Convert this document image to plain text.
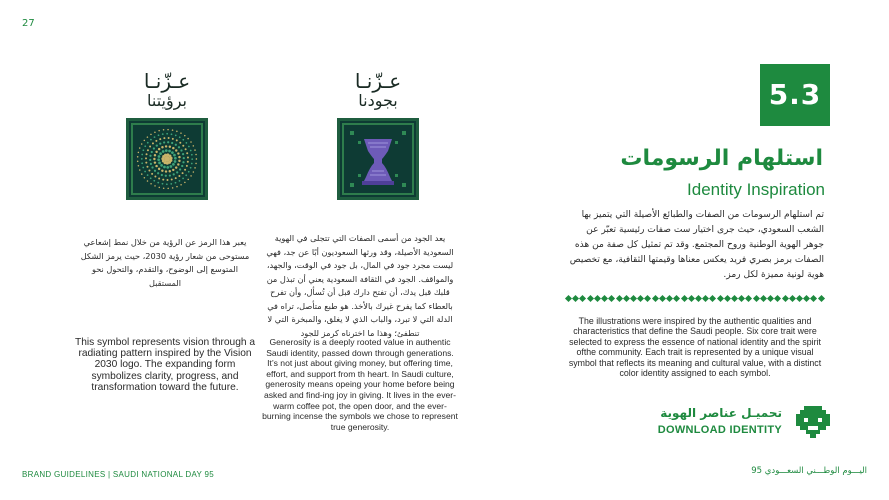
27
عـزّنـا
برؤيتنا
يعبر هذا الرمز عن الرؤية من خلال نمط إشعاعي مستوحى من شعار رؤية 2030، حيث يرمز الشكل المتوسع إلى الوضوح، والتقدم، والتحول نحو المستقبل
This symbol represents vision through a radiating pattern inspired by the Vision 2030 logo. The expanding form symbolizes clarity, progress, and transformation toward the future.
عـزّنـا
بجودنا
يعد الجود من أسمى الصفات التي تتجلى في الهوية السعودية الأصيلة، وقد ورثها السعوديون أبًا عن جد، فهي ليست مجرد جود في المال، بل جود في الوقت، والجهد، والمواقف. الجود في الثقافة السعودية يعني أن تبذل من قلبك قبل يدك، أن تفتح دارك قبل أن تُسأل، وأن تفرح بالعطاء كما يفرح غيرك بالأخذ. هو طبع متأصل، تراه في الدلة التي لا تبرد، والباب الذي لا يغلق، والمبخرة التي لا تنطفئ؛ وهذا ما اخترناه كرمز للجود
Generosity is a deeply rooted value in authentic Saudi identity, passed down through generations. It’s not just about giving money, but offering time, effort, and support from th heart. In Saudi culture, generosity means opeing your home before being asked and find-ing joy in giving. It lives in the ever-warm coffee pot, the open door, and the ever-burning incense the symbols we chose to represent true generosity.
5.3
استلهام الرسومات
Identity Inspiration
تم استلهام الرسومات من الصفات والطبائع الأصيلة التي يتميز بها الشعب السعودي، حيث جرى اختيار ست صفات رئيسية تعبّر عن جوهر الهوية الوطنية وروح المجتمع. وقد تم تمثيل كل صفة من هذه الصفات برمز بصري فريد يعكس معناها وقيمتها الثقافية، مع تخصيص هوية لونية مميزة لكل رمز.
The illustrations were inspired by the authentic qualities and characteristics that define the Saudi people. Six core trait were selected to express the essence of national identity and the spirit ofthe community. Each trait is represented by a unique visual symbol that reflects its meaning and cultural value, with a distinct color identity assigned to each symbol.
تحميـل عناصر الهوية
DOWNLOAD IDENTITY
BRAND GUIDELINES | SAUDI NATIONAL DAY 95	اليـــوم الوطـــني السعـــودي 95
